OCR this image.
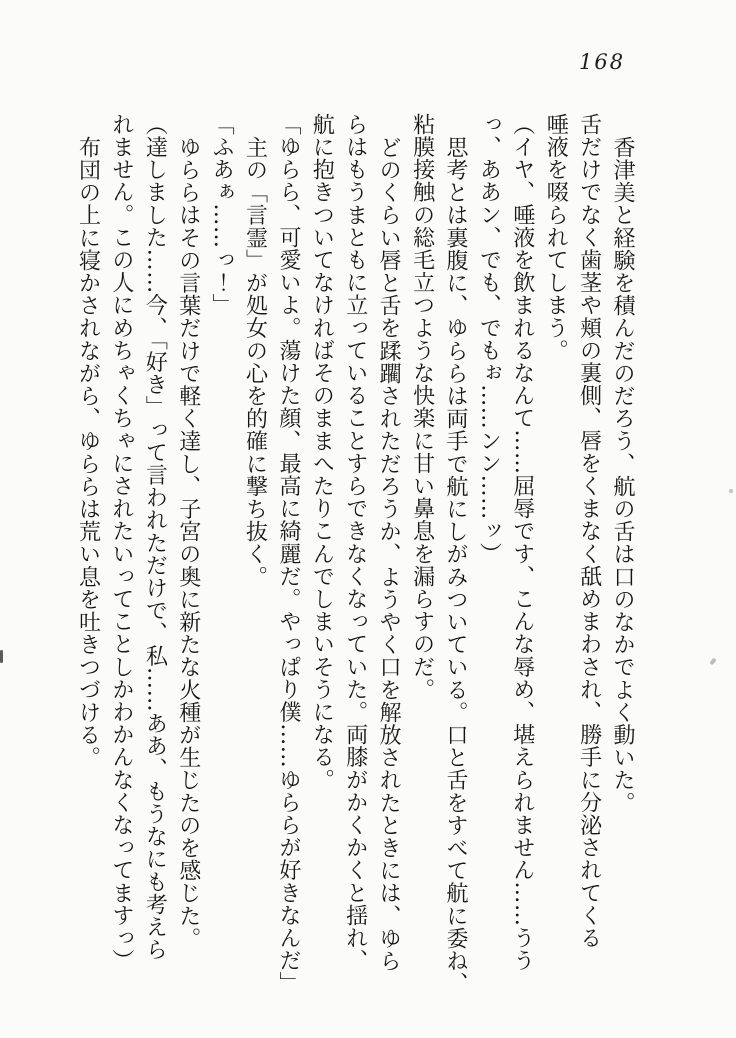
168
香津美と経験を積んだのだろう、航の舌は口のなかでよく動いた。
舌だけでなく歯茎や頬の裏側、唇をくまなく舐めまわされ、勝手に分泌されてくる
唾液を啜られてしまう。
（イヤ、唾液を飲まれるなんて……屈辱です、こんな辱め、堪えられません……うう
っ、ああン、でも、でもぉ……ンン……ッ）
思考とは裏腹に、ゆららは両手で航にしがみついている。口と舌をすべて航に委ね、
粘膜接触の総毛立つような快楽に甘い鼻息を漏らすのだ。
どのくらい唇と舌を蹂躙されただろうか、ようやく口を解放されたときには、ゆら
らはもうまともに立っていることすらできなくなっていた。両膝がかくかくと揺れ、
航に抱きついてなければそのままへたりこんでしまいそうになる。
「ゆらら、可愛いよ。蕩けた顔、最高に綺麗だ。やっぱり僕……ゆららが好きなんだ」
主の「言霊」が処女の心を的確に撃ち抜く。
「ふあぁ……っ！」
ゆららはその言葉だけで軽く達し、子宮の奥に新たな火種が生じたのを感じた。
（達しました……今、「好き」って言われただけで、私……ああ、もうなにも考えら
れません。この人にめちゃくちゃにされたいってことしかわかんなくなってますっ）
布団の上に寝かされながら、ゆららは荒い息を吐きつづける。
